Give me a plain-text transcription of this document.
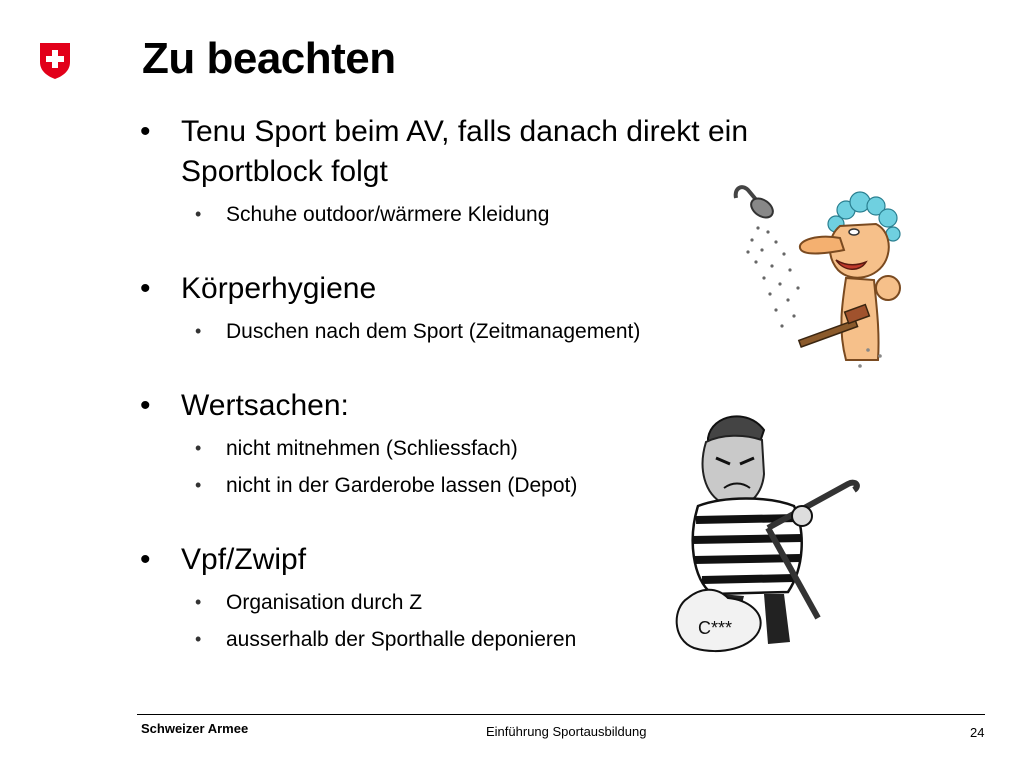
Zu beachten

• Tenu Sport beim AV, falls danach direkt ein Sportblock folgt

• Schuhe outdoor/wärmere Kleidung

• Körperhygiene

• Duschen nach dem Sport (Zeitmanagement)

• Wertsachen:

• nicht mitnehmen (Schliessfach)

• nicht in der Garderobe lassen (Depot)

• Vpf/Zwipf

• Organisation durch Z

• ausserhalb der Sporthalle deponieren	C***
Schweizer Armee	Einführung Sportausbildung	24
